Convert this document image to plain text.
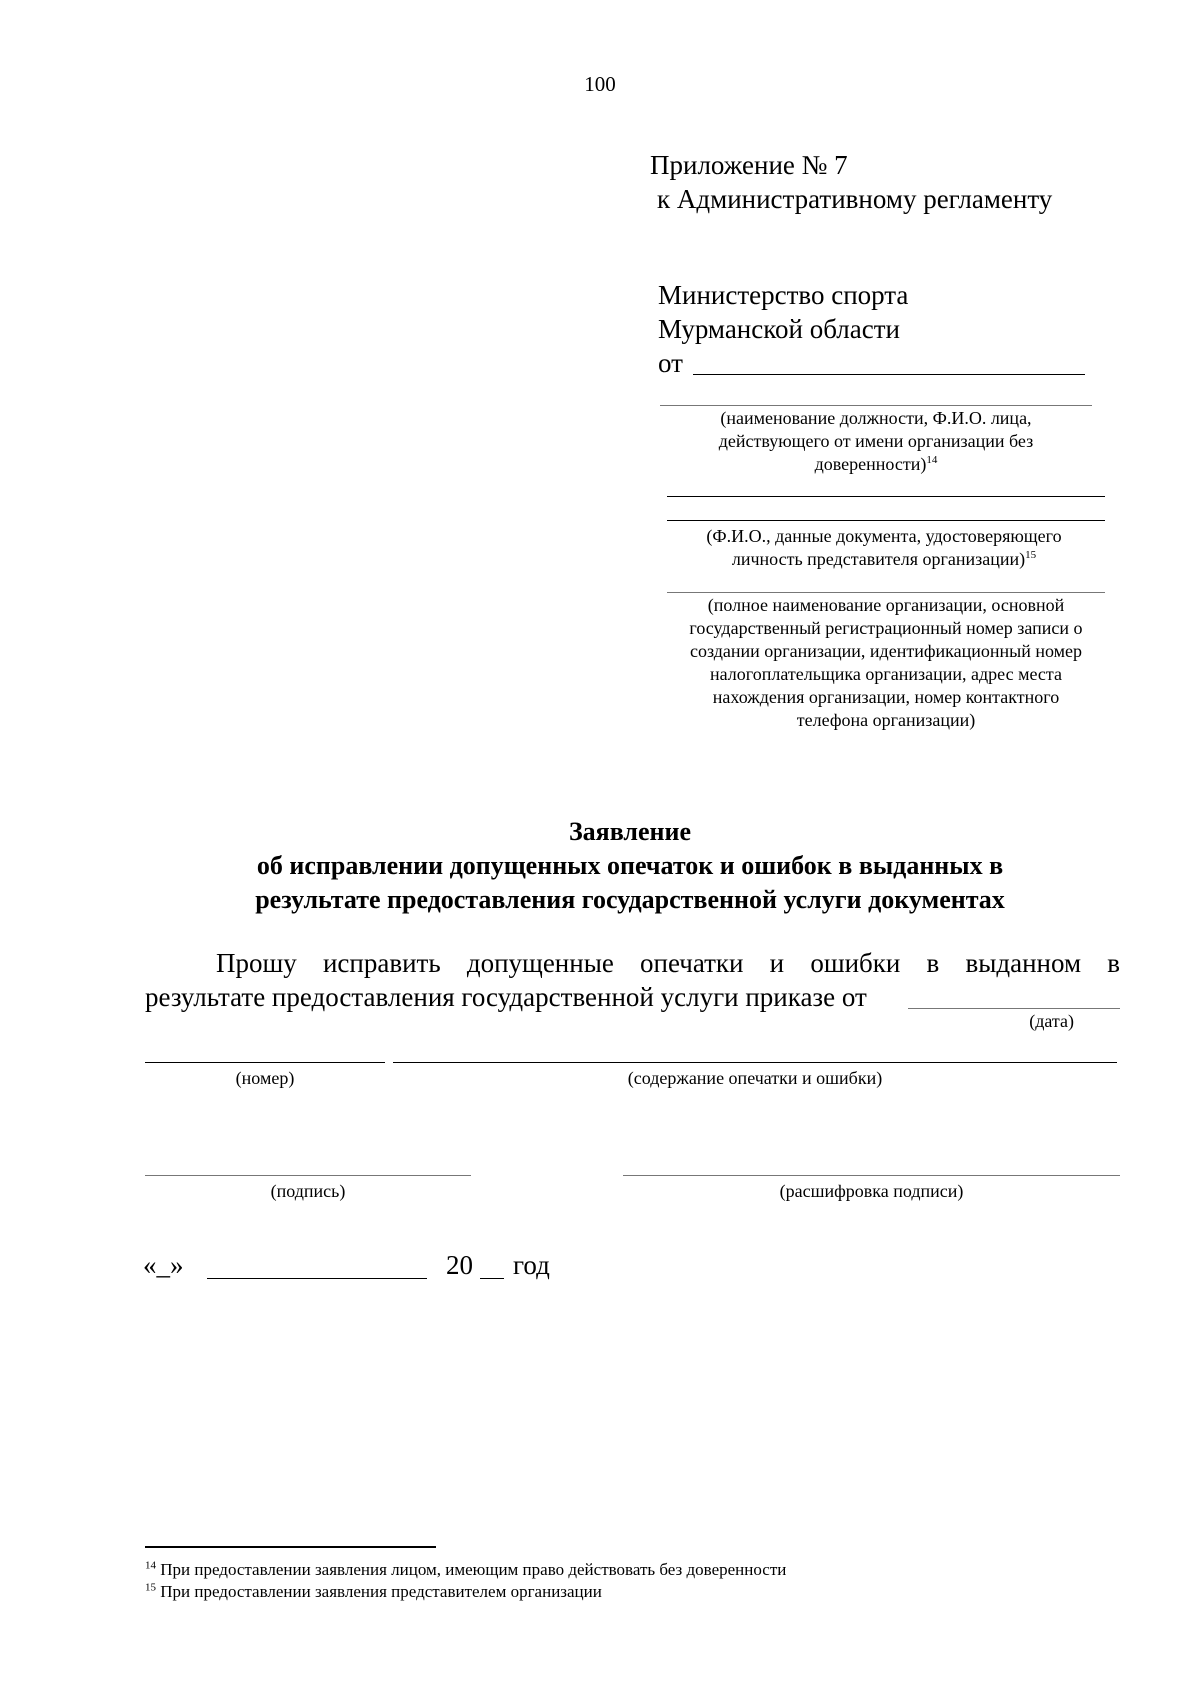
100
Приложение № 7
к Административному регламенту
Министерство спорта
Мурманской области
от
(наименование должности, Ф.И.О. лица,
действующего от имени организации без
доверенности)$^{14}$
(Ф.И.О., данные документа, удостоверяющего
личность представителя организации)$^{15}$
(полное наименование организации, основной
государственный регистрационный номер записи о
создании организации, идентификационный номер
налогоплательщика организации, адрес места
нахождения организации, номер контактного
телефона организации)
Заявление
об исправлении допущенных опечаток и ошибок в выданных в
результате предоставления государственной услуги документах
Прошу исправить допущенные опечатки и ошибки в выданном в
результате предоставления государственной услуги приказе от
(дата)
(номер)	(содержание опечатки и ошибки)
(подпись)	(расшифровка подписи)
«_»	20 год
$^{14}$ При предоставлении заявления лицом, имеющим право действовать без доверенности
$^{15}$ При предоставлении заявления представителем организации
